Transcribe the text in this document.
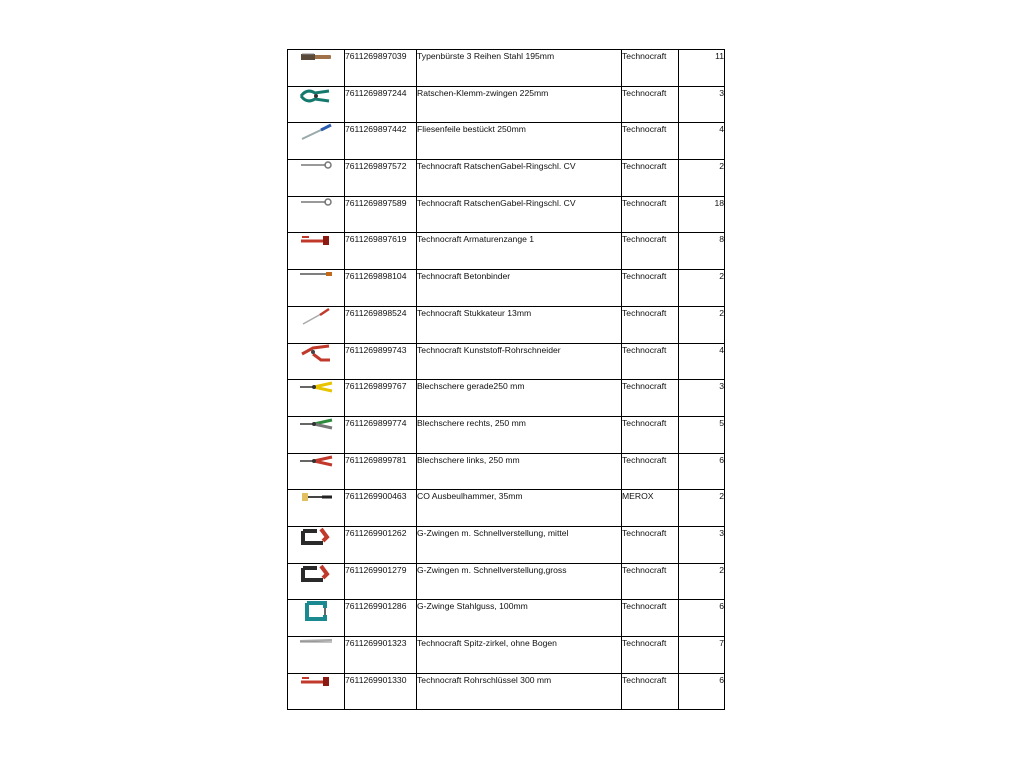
	7611269897039	Typenbürste 3 Reihen Stahl 195mm	Technocraft	11

	7611269897244	Ratschen-Klemm-zwingen 225mm	Technocraft	3

	7611269897442	Fliesenfeile bestückt 250mm	Technocraft	4

	7611269897572	Technocraft RatschenGabel-Ringschl. CV	Technocraft	2

	7611269897589	Technocraft RatschenGabel-Ringschl. CV	Technocraft	18

	7611269897619	Technocraft Armaturenzange 1	Technocraft	8

	7611269898104	Technocraft Betonbinder	Technocraft	2

	7611269898524	Technocraft Stukkateur 13mm	Technocraft	2

	7611269899743	Technocraft Kunststoff-Rohrschneider	Technocraft	4

	7611269899767	Blechschere gerade250 mm	Technocraft	3

	7611269899774	Blechschere rechts, 250 mm	Technocraft	5

	7611269899781	Blechschere links, 250 mm	Technocraft	6

	7611269900463	CO Ausbeulhammer, 35mm	MEROX	2

	7611269901262	G-Zwingen m. Schnellverstellung, mittel	Technocraft	3

	7611269901279	G-Zwingen m. Schnellverstellung,gross	Technocraft	2

	7611269901286	G-Zwinge Stahlguss, 100mm	Technocraft	6

	7611269901323	Technocraft Spitz-zirkel, ohne Bogen	Technocraft	7

	7611269901330	Technocraft Rohrschlüssel 300 mm	Technocraft	6
